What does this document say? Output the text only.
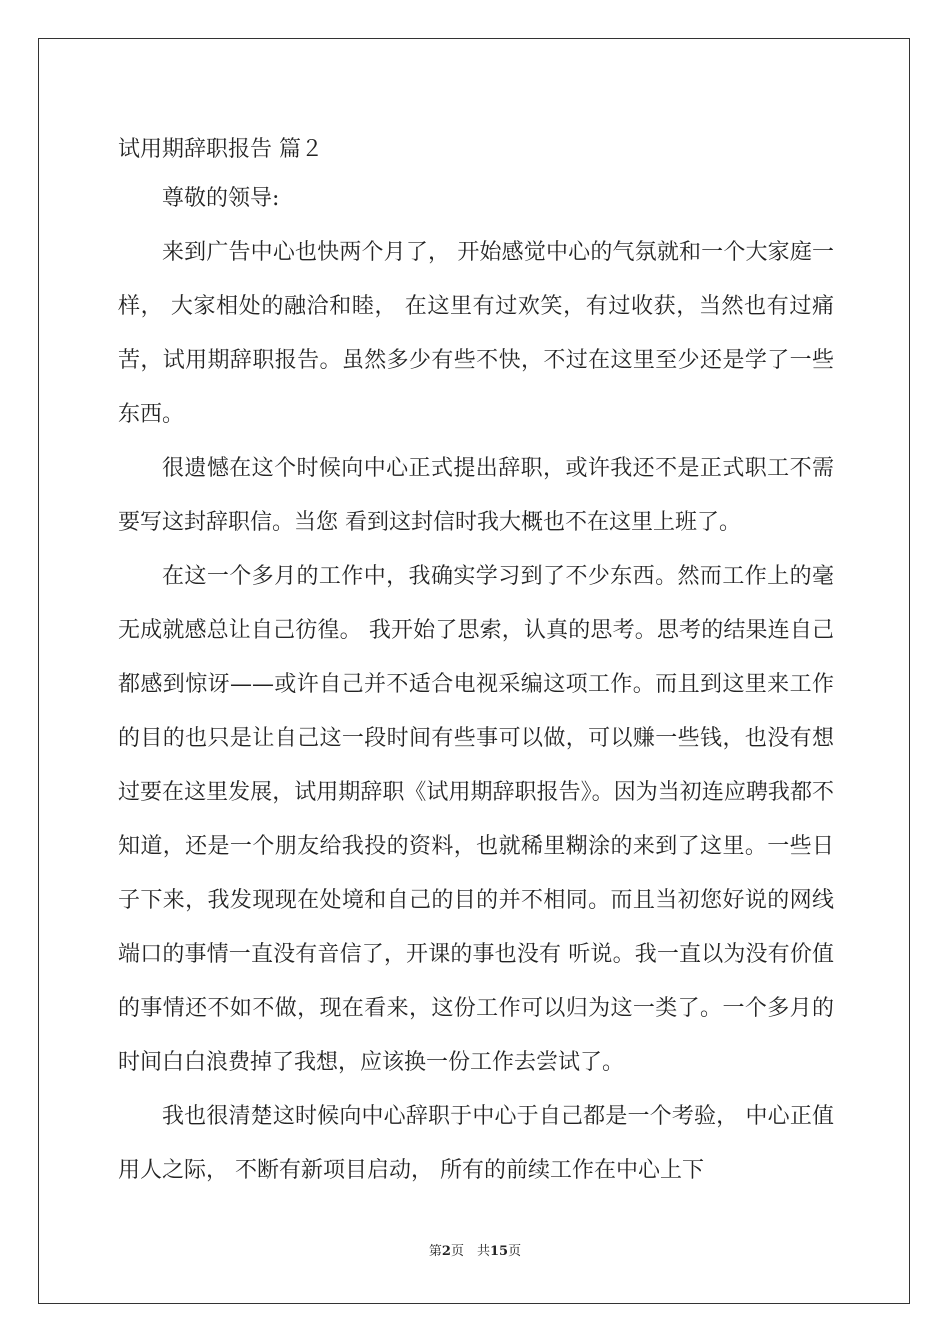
试用期辞职报告 篇２

尊敬的领导:

来到广告中心也快两个月了， 开始感觉中心的气氛就和一个大家庭一样， 大家相处的融洽和睦， 在这里有过欢笑，有过收获，当然也有过痛苦，试用期辞职报告。虽然多少有些不快，不过在这里至少还是学了一些东西。

很遗憾在这个时候向中心正式提出辞职，或许我还不是正式职工不需要写这封辞职信。当您 看到这封信时我大概也不在这里上班了。

在这一个多月的工作中，我确实学习到了不少东西。然而工作上的毫无成就感总让自己彷徨。 我开始了思索，认真的思考。思考的结果连自己都感到惊讶——或许自己并不适合电视采编这项工作。而且到这里来工作的目的也只是让自己这一段时间有些事可以做，可以赚一些钱，也没有想过要在这里发展，试用期辞职《试用期辞职报告》。因为当初连应聘我都不知道，还是一个朋友给我投的资料，也就稀里糊涂的来到了这里。一些日子下来，我发现现在处境和自己的目的并不相同。而且当初您好说的网线端口的事情一直没有音信了，开课的事也没有 听说。我一直以为没有价值的事情还不如不做，现在看来，这份工作可以归为这一类了。一个多月的时间白白浪费掉了我想，应该换一份工作去尝试了。

我也很清楚这时候向中心辞职于中心于自己都是一个考验， 中心正值用人之际， 不断有新项目启动， 所有的前续工作在中心上下

第2页　共15页
